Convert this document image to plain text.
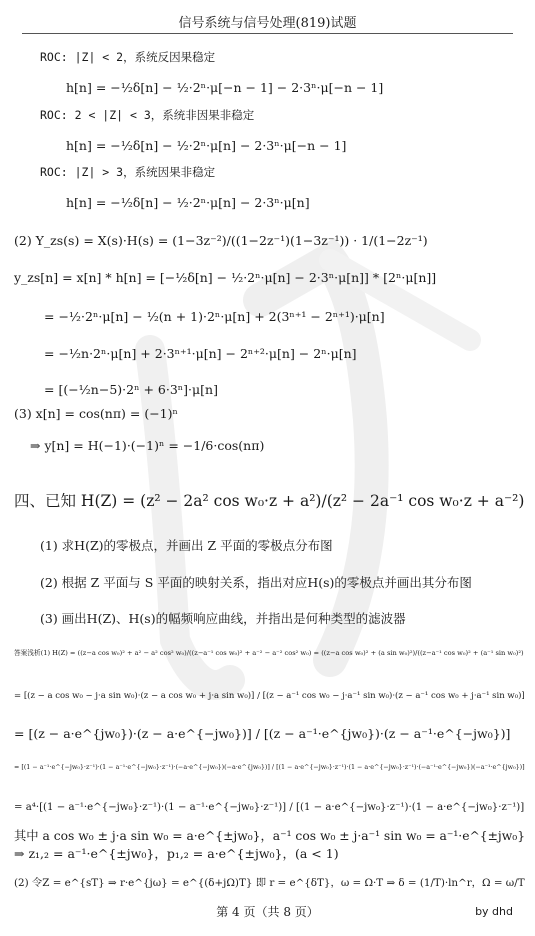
信号系统与信号处理(819)试题
ROC: |Z| < 2，系统反因果稳定
h[n] = −½δ[n] − ½·2ⁿ·μ[−n − 1] − 2·3ⁿ·μ[−n − 1]
ROC: 2 < |Z| < 3，系统非因果非稳定
h[n] = −½δ[n] − ½·2ⁿ·μ[n] − 2·3ⁿ·μ[−n − 1]
ROC: |Z| > 3，系统因果非稳定
h[n] = −½δ[n] − ½·2ⁿ·μ[n] − 2·3ⁿ·μ[n]
(2) Y_zs(s) = X(s)·H(s) = (1−3z⁻²)/((1−2z⁻¹)(1−3z⁻¹)) · 1/(1−2z⁻¹)
y_zs[n] = x[n] * h[n] = [−½δ[n] − ½·2ⁿ·μ[n] − 2·3ⁿ·μ[n]] * [2ⁿ·μ[n]]
= −½·2ⁿ·μ[n] − ½(n + 1)·2ⁿ·μ[n] + 2(3ⁿ⁺¹ − 2ⁿ⁺¹)·μ[n]
= −½n·2ⁿ·μ[n] + 2·3ⁿ⁺¹·μ[n] − 2ⁿ⁺²·μ[n] − 2ⁿ·μ[n]
= [(−½n−5)·2ⁿ + 6·3ⁿ]·μ[n]
(3) x[n] = cos(nπ) = (−1)ⁿ
⇒ y[n] = H(−1)·(−1)ⁿ = −1/6·cos(nπ)
四、已知 H(Z) = (z² − 2a² cos w₀·z + a²)/(z² − 2a⁻¹ cos w₀·z + a⁻²)
(1) 求H(Z)的零极点，并画出 Z 平面的零极点分布图
(2) 根据 Z 平面与 S 平面的映射关系，指出对应H(s)的零极点并画出其分布图
(3) 画出H(Z)、H(s)的幅频响应曲线，并指出是何种类型的滤波器
答案浅析(1) H(Z) = ((z−a cos w₀)² + a² − a² cos² w₀)/((z−a⁻¹ cos w₀)² + a⁻² − a⁻² cos² w₀) = ((z−a cos w₀)² + (a sin w₀)²)/((z−a⁻¹ cos w₀)² + (a⁻¹ sin w₀)²)
= [(z − a cos w₀ − j·a sin w₀)·(z − a cos w₀ + j·a sin w₀)] / [(z − a⁻¹ cos w₀ − j·a⁻¹ sin w₀)·(z − a⁻¹ cos w₀ + j·a⁻¹ sin w₀)]
= [(z − a·e^{jw₀})·(z − a·e^{−jw₀})] / [(z − a⁻¹·e^{jw₀})·(z − a⁻¹·e^{−jw₀})]
= [(1 − a⁻¹·e^{−jw₀}·z⁻¹)·(1 − a⁻¹·e^{−jw₀}·z⁻¹)·(−a·e^{−jw₀})(−a·e^{jw₀})] / [(1 − a·e^{−jw₀}·z⁻¹)·(1 − a·e^{−jw₀}·z⁻¹)·(−a⁻¹·e^{−jw₀})(−a⁻¹·e^{jw₀})]
= a⁴·[(1 − a⁻¹·e^{−jw₀}·z⁻¹)·(1 − a⁻¹·e^{−jw₀}·z⁻¹)] / [(1 − a·e^{−jw₀}·z⁻¹)·(1 − a·e^{−jw₀}·z⁻¹)]
其中 a cos w₀ ± j·a sin w₀ = a·e^{±jw₀}，a⁻¹ cos w₀ ± j·a⁻¹ sin w₀ = a⁻¹·e^{±jw₀}
⇒ z₁,₂ = a⁻¹·e^{±jw₀}，p₁,₂ = a·e^{±jw₀}，(a < 1)
(2) 令Z = e^{sT} ⇒ r·e^{jω} = e^{(δ+jΩ)T} 即 r = e^{δT}，ω = Ω·T ⇒ δ = (1/T)·ln^r，Ω = ω/T
第 4 页（共 8 页）	by dhd
